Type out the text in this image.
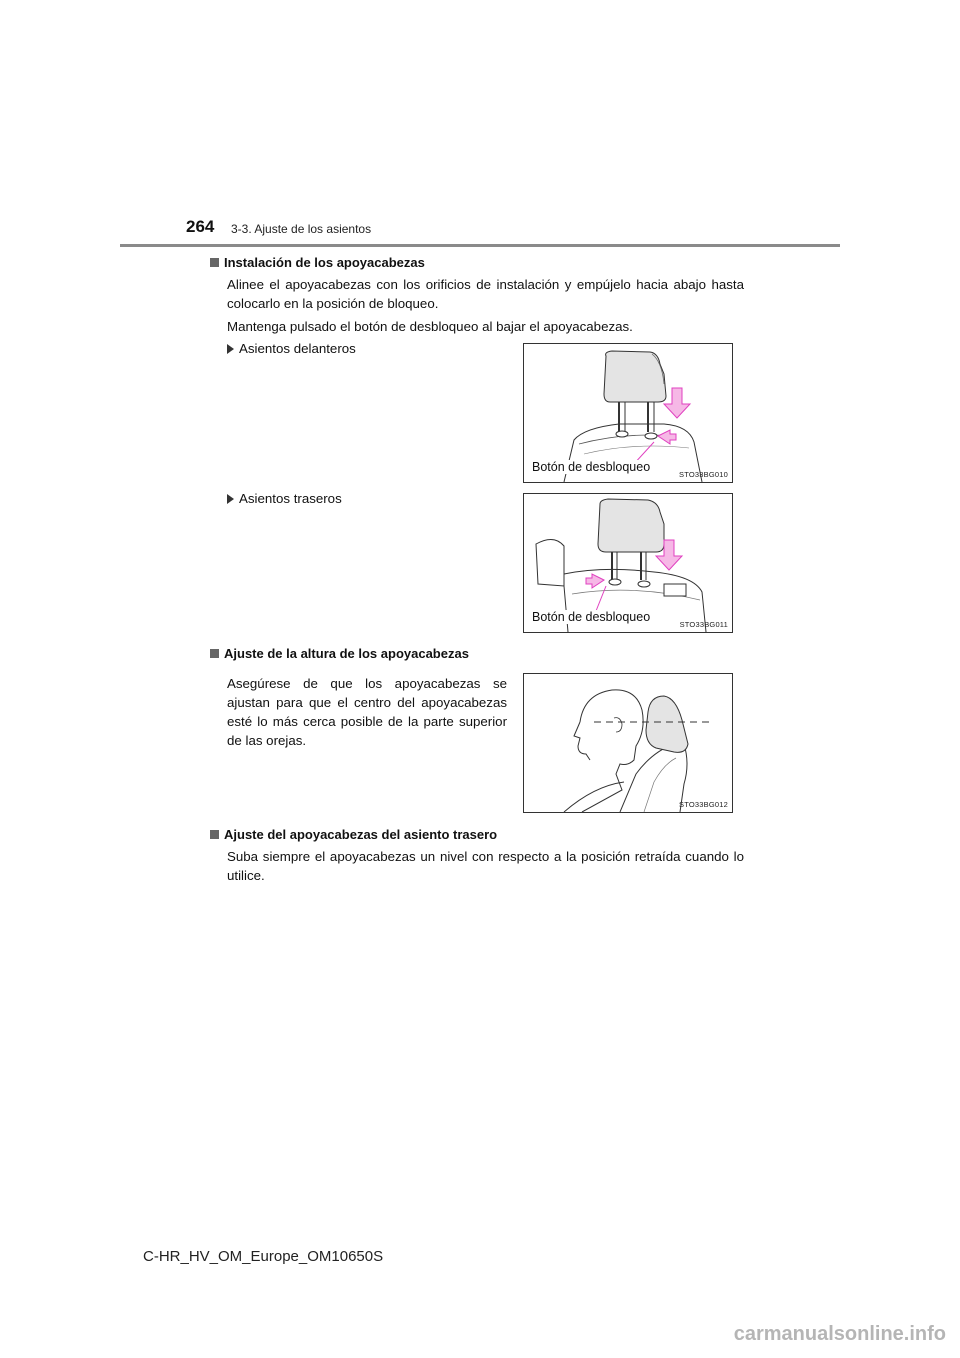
264 3-3. Ajuste de los asientos
Instalación de los apoyacabezas
Alinee el apoyacabezas con los orificios de instalación y empújelo hacia abajo hasta colocarlo en la posición de bloqueo.
Mantenga pulsado el botón de desbloqueo al bajar el apoyacabezas.
Asientos delanteros
Botón de desbloqueo
STO33BG010
Asientos traseros
Botón de desbloqueo
STO33BG011
Ajuste de la altura de los apoyacabezas
Asegúrese de que los apoyacabezas se ajustan para que el centro del apoyacabezas esté lo más cerca posible de la parte superior de las orejas.
STO33BG012
Ajuste del apoyacabezas del asiento trasero
Suba siempre el apoyacabezas un nivel con respecto a la posición retraída cuando lo utilice.
C-HR_HV_OM_Europe_OM10650S
carmanualsonline.info
